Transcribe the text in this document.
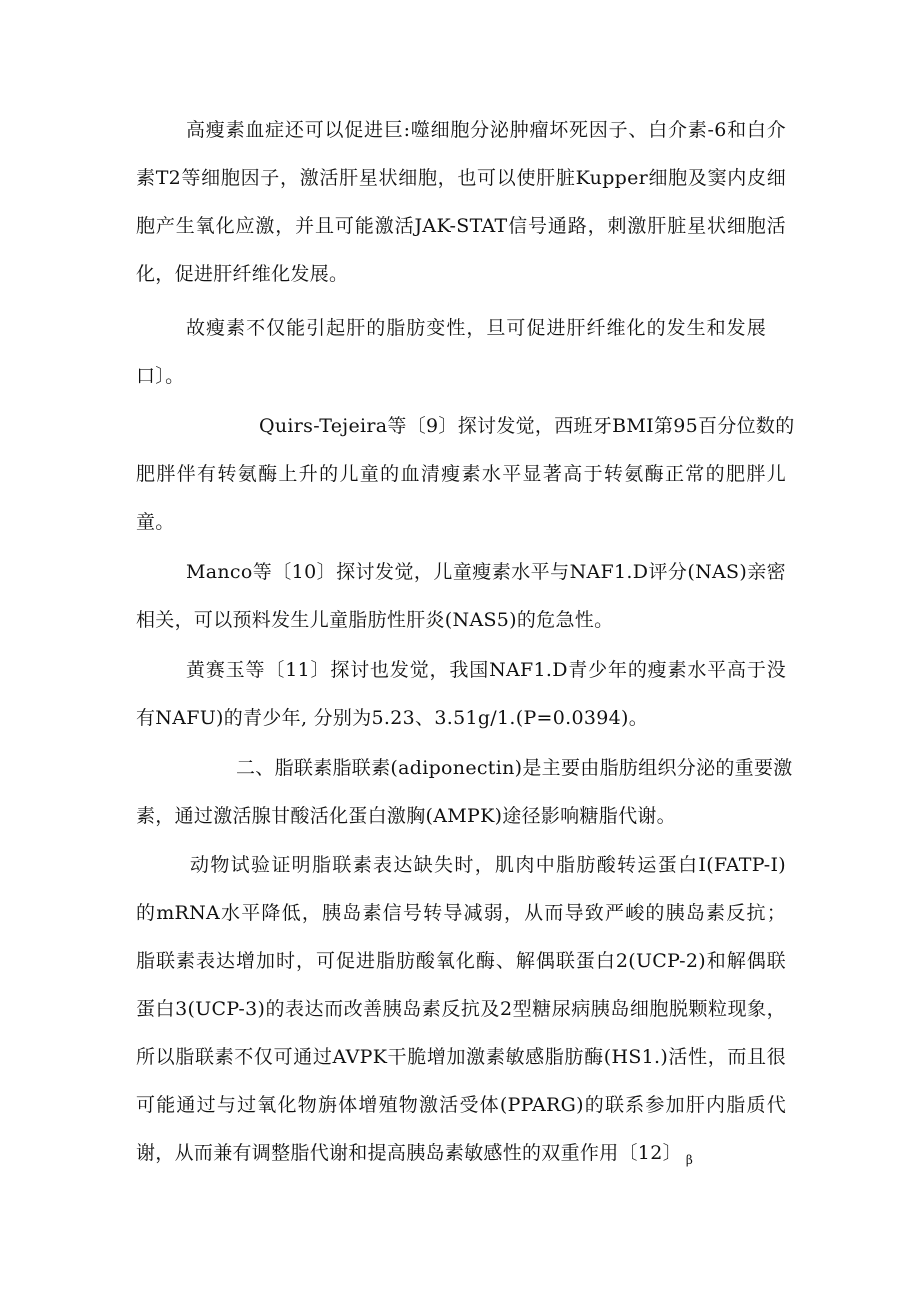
高瘦素血症还可以促进巨:噬细胞分泌肿瘤坏死因子、白介素-6和白介
素T2等细胞因子，激活肝星状细胞，也可以使肝脏Kupper细胞及窦内皮细
胞产生氧化应激，并且可能激活JAK-STAT信号通路，刺激肝脏星状细胞活
化，促进肝纤维化发展。
故瘦素不仅能引起肝的脂肪变性，旦可促进肝纤维化的发生和发展
口〕。
Quirs-Tejeira等〔9〕探讨发觉，西班牙BMI第95百分位数的
肥胖伴有转氨酶上升的儿童的血清瘦素水平显著高于转氨酶正常的肥胖儿
童。
Manco等〔10〕探讨发觉，儿童瘦素水平与NAF1.D评分(NAS)亲密
相关，可以预料发生儿童脂肪性肝炎(NAS5)的危急性。
黄赛玉等〔11〕探讨也发觉，我国NAF1.D青少年的瘦素水平高于没
有NAFU)的青少年, 分别为5.23、3.51g/1.(P=0.0394)。
二、脂联素脂联素(adiponectin)是主要由脂肪组织分泌的重要激
素，通过激活腺甘酸活化蛋白激胸(AMPK)途径影响糖脂代谢。
动物试验证明脂联素表达缺失时，肌肉中脂肪酸转运蛋白I(FATP-I)
的mRNA水平降低，胰岛素信号转导减弱，从而导致严峻的胰岛素反抗；
脂联素表达增加时，可促进脂肪酸氧化酶、解偶联蛋白2(UCP-2)和解偶联
蛋白3(UCP-3)的表达而改善胰岛素反抗及2型糖尿病胰岛细胞脱颗粒现象，
所以脂联素不仅可通过AVPK干脆增加激素敏感脂肪酶(HS1.)活性，而且很
可能通过与过氧化物旃体增殖物激活受体(PPARG)的联系参加肝内脂质代
谢，从而兼有调整脂代谢和提高胰岛素敏感性的双重作用〔12〕 $_\beta$
